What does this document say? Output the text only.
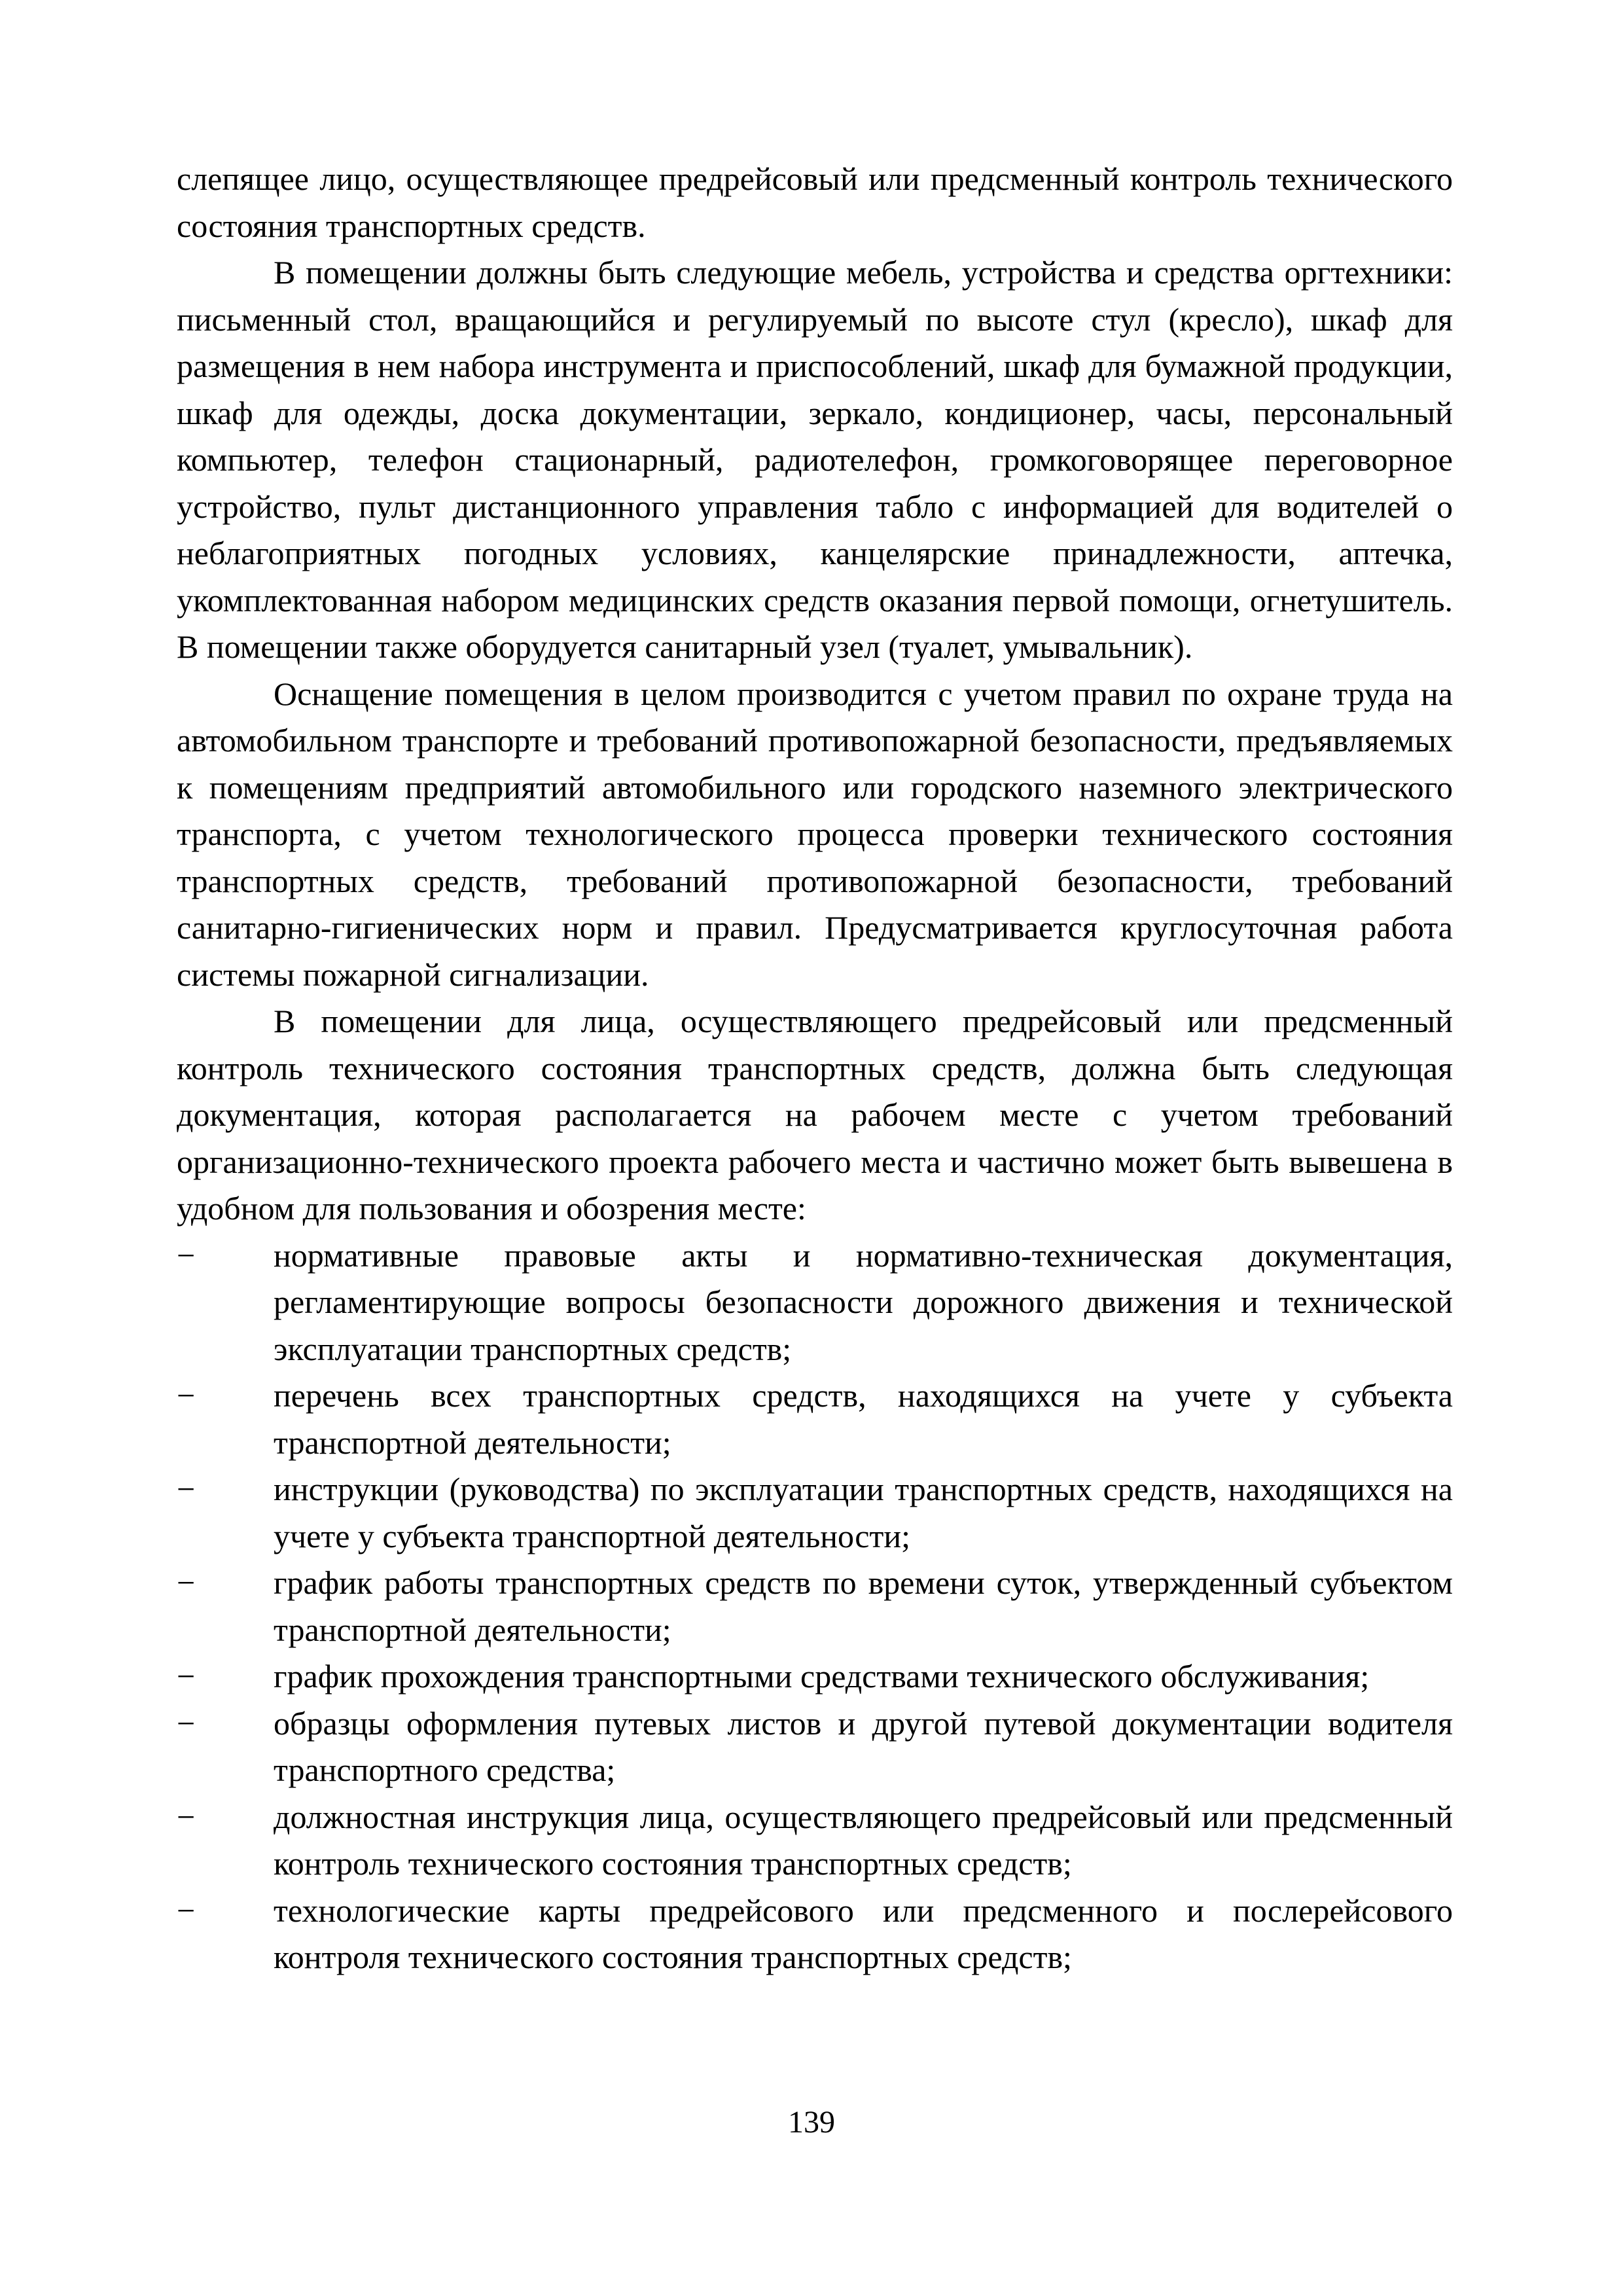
слепящее лицо, осуществляющее предрейсовый или предсменный контроль технического состояния транспортных средств.

В помещении должны быть следующие мебель, устройства и средства оргтехники: письменный стол, вращающийся и регулируемый по высоте стул (кресло), шкаф для размещения в нем набора инструмента и приспособлений, шкаф для бумажной продукции, шкаф для одежды, доска документации, зеркало, кондиционер, часы, персональный компьютер, телефон стационарный, радиотелефон, громкоговорящее переговорное устройство, пульт дистанционного управления табло с информацией для водителей о неблагоприятных погодных условиях, канцелярские принадлежности, аптечка, укомплектованная набором медицинских средств оказания первой помощи, огнетушитель. В помещении также оборудуется санитарный узел (туалет, умывальник).

Оснащение помещения в целом производится с учетом правил по охране труда на автомобильном транспорте и требований противопожарной безопасности, предъявляемых к помещениям предприятий автомобильного или городского наземного электрического транспорта, с учетом технологического процесса проверки технического состояния транспортных средств, требований противопожарной безопасности, требований санитарно-гигиенических норм и правил. Предусматривается круглосуточная работа системы пожарной сигнализации.

В помещении для лица, осуществляющего предрейсовый или предсменный контроль технического состояния транспортных средств, должна быть следующая документация, которая располагается на рабочем месте с учетом требований организационно-технического проекта рабочего места и частично может быть вывешена в удобном для пользования и обозрения месте:

− нормативные правовые акты и нормативно-техническая документация, регламентирующие вопросы безопасности дорожного движения и технической эксплуатации транспортных средств;
− перечень всех транспортных средств, находящихся на учете у субъекта транспортной деятельности;
− инструкции (руководства) по эксплуатации транспортных средств, находящихся на учете у субъекта транспортной деятельности;
− график работы транспортных средств по времени суток, утвержденный субъектом транспортной деятельности;
− график прохождения транспортными средствами технического обслуживания;
− образцы оформления путевых листов и другой путевой документации водителя транспортного средства;
− должностная инструкция лица, осуществляющего предрейсовый или предсменный контроль технического состояния транспортных средств;
− технологические карты предрейсового или предсменного и послерейсового контроля технического состояния транспортных средств;
139
